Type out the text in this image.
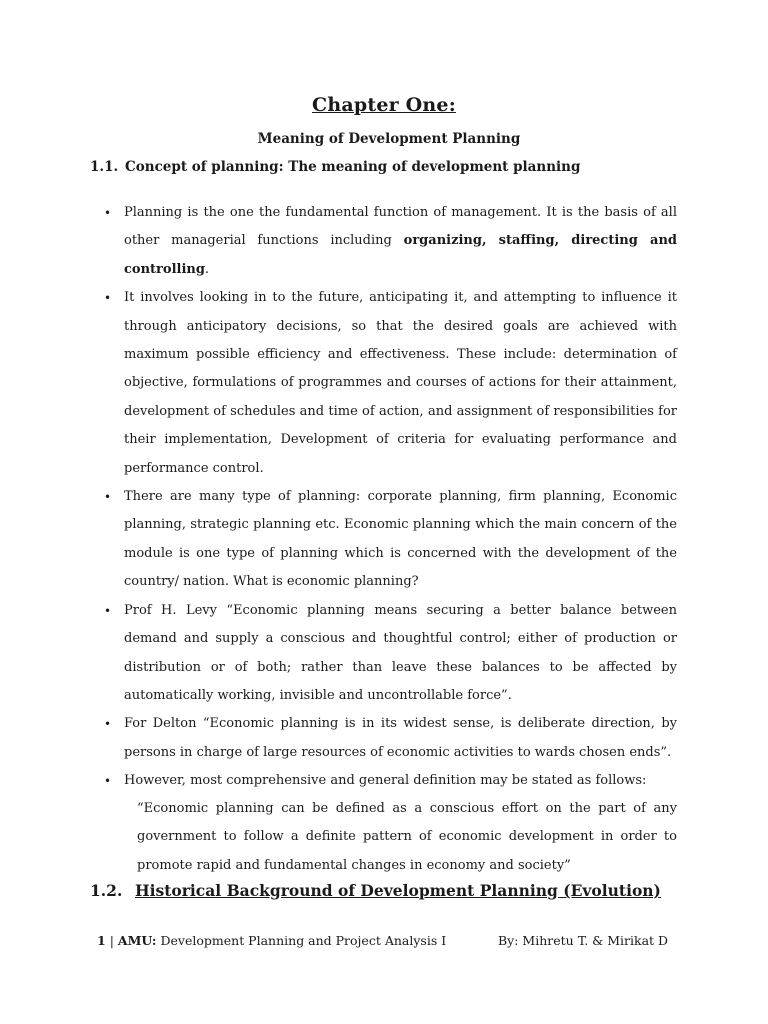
Chapter One:
Meaning of Development Planning
1.1. Concept of planning: The meaning of development planning
• Planning is the one the fundamental function of management. It is the basis of all other managerial functions including organizing, staffing, directing and controlling.
• It involves looking in to the future, anticipating it, and attempting to influence it through anticipatory decisions, so that the desired goals are achieved with maximum possible efficiency and effectiveness. These include: determination of objective, formulations of programmes and courses of actions for their attainment, development of schedules and time of action, and assignment of responsibilities for their implementation, Development of criteria for evaluating performance and performance control.
• There are many type of planning: corporate planning, firm planning, Economic planning, strategic planning etc. Economic planning which the main concern of the module is one type of planning which is concerned with the development of the country/ nation. What is economic planning?
• Prof H. Levy “Economic planning means securing a better balance between demand and supply a conscious and thoughtful control; either of production or distribution or of both; rather than leave these balances to be affected by automatically working, invisible and uncontrollable force”.
• For Delton “Economic planning is in its widest sense, is deliberate direction, by persons in charge of large resources of economic activities to wards chosen ends”.
• However, most comprehensive and general definition may be stated as follows:
“Economic planning can be defined as a conscious effort on the part of any government to follow a definite pattern of economic development in order to promote rapid and fundamental changes in economy and society”
1.2. Historical Background of Development Planning (Evolution)
1 | AMU: Development Planning and Project Analysis I	By: Mihretu T. & Mirikat D
